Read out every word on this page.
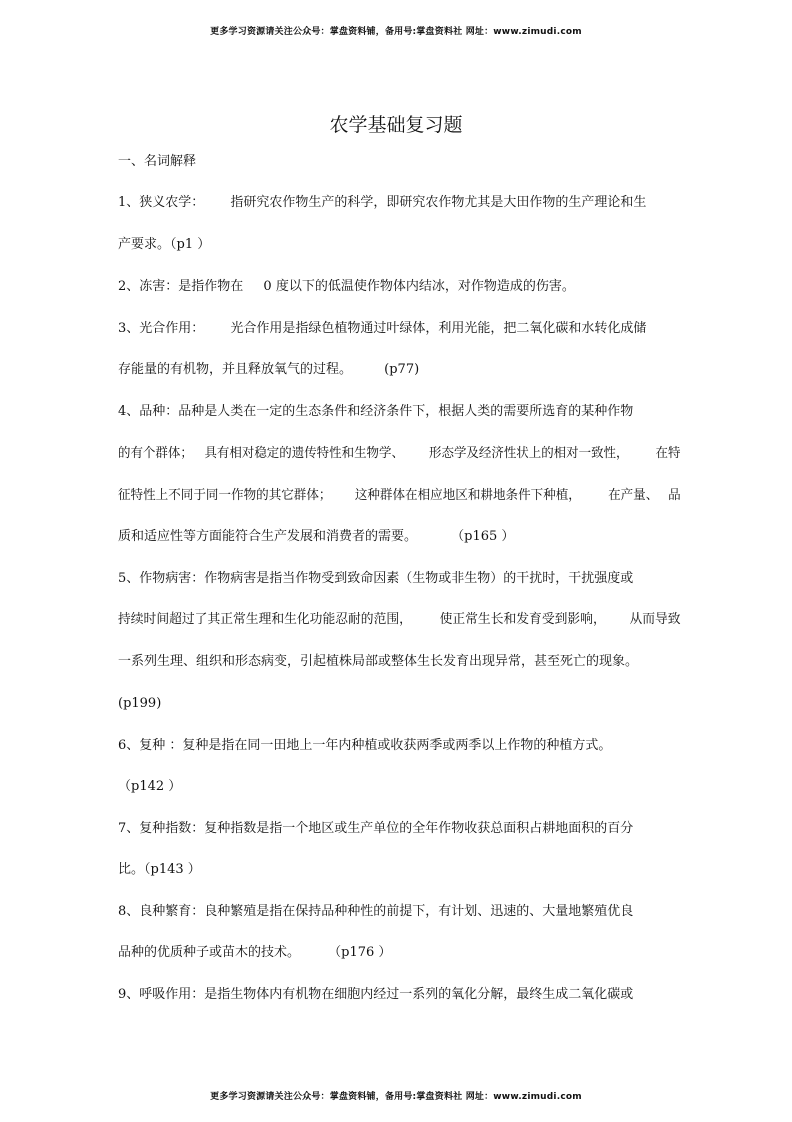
更多学习资源请关注公众号：掌盘资料铺，备用号:掌盘资料社 网址：www.zimudi.com
农学基础复习题
一、名词解释
1、狭义农学： 指研究农作物生产的科学，即研究农作物尤其是大田作物的生产理论和生
产要求。（p1 ）
2、冻害：是指作物在 0 度以下的低温使作物体内结冰，对作物造成的伤害。
3、光合作用： 光合作用是指绿色植物通过叶绿体，利用光能，把二氧化碳和水转化成储
存能量的有机物，并且释放氧气的过程。 (p77)
4、品种：品种是人类在一定的生态条件和经济条件下，根据人类的需要所选育的某种作物
的有个群体； 具有相对稳定的遗传特性和生物学、 形态学及经济性状上的相对一致性， 在特
征特性上不同于同一作物的其它群体； 这种群体在相应地区和耕地条件下种植， 在产量、 品
质和适应性等方面能符合生产发展和消费者的需要。	（p165 ）
5、作物病害：作物病害是指当作物受到致命因素（生物或非生物）的干扰时，干扰强度或
持续时间超过了其正常生理和生化功能忍耐的范围， 使正常生长和发育受到影响， 从而导致
一系列生理、组织和形态病变，引起植株局部或整体生长发育出现异常，甚至死亡的现象。
(p199)
6、复种 ：复种是指在同一田地上一年内种植或收获两季或两季以上作物的种植方式。
（p142 ）
7、复种指数：复种指数是指一个地区或生产单位的全年作物收获总面积占耕地面积的百分
比。（p143 ）
8、良种繁育：良种繁殖是指在保持品种种性的前提下，有计划、迅速的、大量地繁殖优良
品种的优质种子或苗木的技术。 （p176 ）
9、呼吸作用：是指生物体内有机物在细胞内经过一系列的氧化分解，最终生成二氧化碳或
更多学习资源请关注公众号：掌盘资料铺，备用号:掌盘资料社 网址：www.zimudi.com
